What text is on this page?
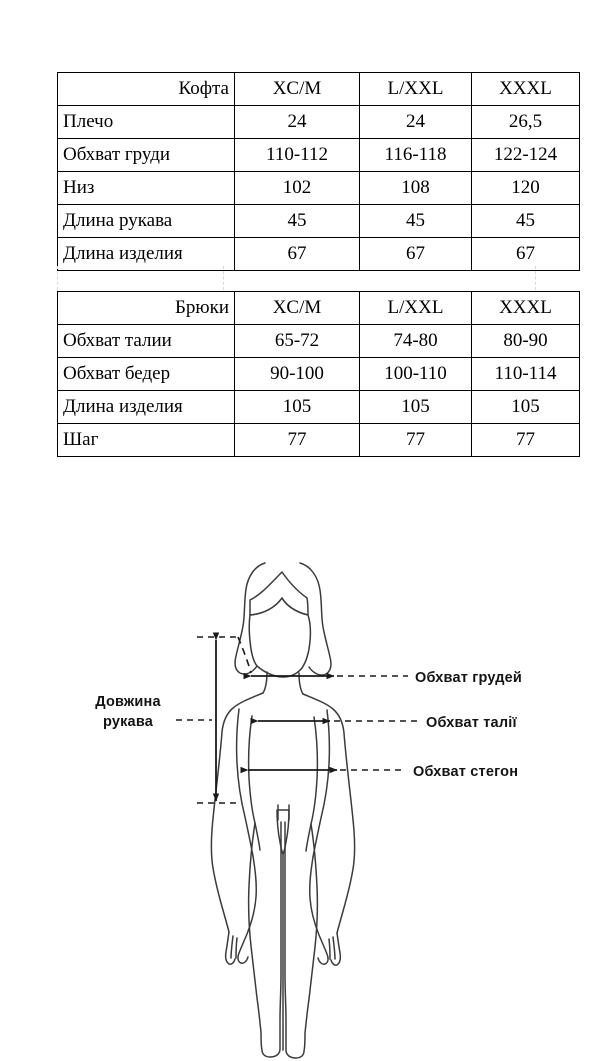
Кофта	XC/M	L/XXL	XXXL
Плечо	24	24	26,5
Обхват груди	110-112	116-118	122-124
Низ	102	108	120
Длина рукава	45	45	45
Длина изделия	67	67	67
Брюки	XC/M	L/XXL	XXXL
Обхват талии	65-72	74-80	80-90
Обхват бедер	90-100	100-110	110-114
Длина изделия	105	105	105
Шаг	77	77	77
Довжина
рукава
Обхват грудей
Обхват талії
Обхват стегон
